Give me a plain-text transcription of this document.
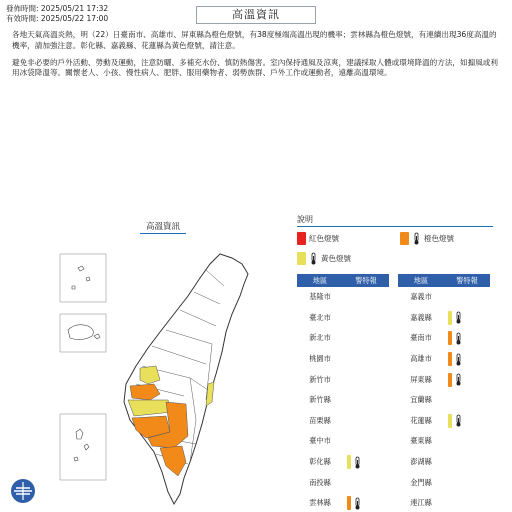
發佈時間: 2025/05/21 17:32
有效時間: 2025/05/22 17:00	高溫資訊

各地天氣高溫炎熱，明（22）日臺南市、高雄市、屏東縣為橙色燈號，有38度極端高溫出現的機率；雲林縣為橙色燈號，有連續出現36度高溫的機率，請加強注意。彰化縣、嘉義縣、花蓮縣為黃色燈號，請注意。

避免非必要的戶外活動、勞動及運動，注意防曬、多補充水份、慎防熱傷害。室內保持通風及涼爽，建議採取人體或環境降溫的方法，如搧風或利用冰袋降溫等。關懷老人、小孩、慢性病人、肥胖、服用藥物者、弱勢族群、戶外工作或運動者，遠離高溫環境。

高溫資訊
說明
紅色燈號	橙色燈號
黃色燈號
地區	警特報
基隆市
臺北市
新北市
桃園市
新竹市
新竹縣
苗栗縣
臺中市
彰化縣
南投縣
雲林縣
地區	警特報
嘉義市
嘉義縣
臺南市
高雄市
屏東縣
宜蘭縣
花蓮縣
臺東縣
澎湖縣
金門縣
連江縣
